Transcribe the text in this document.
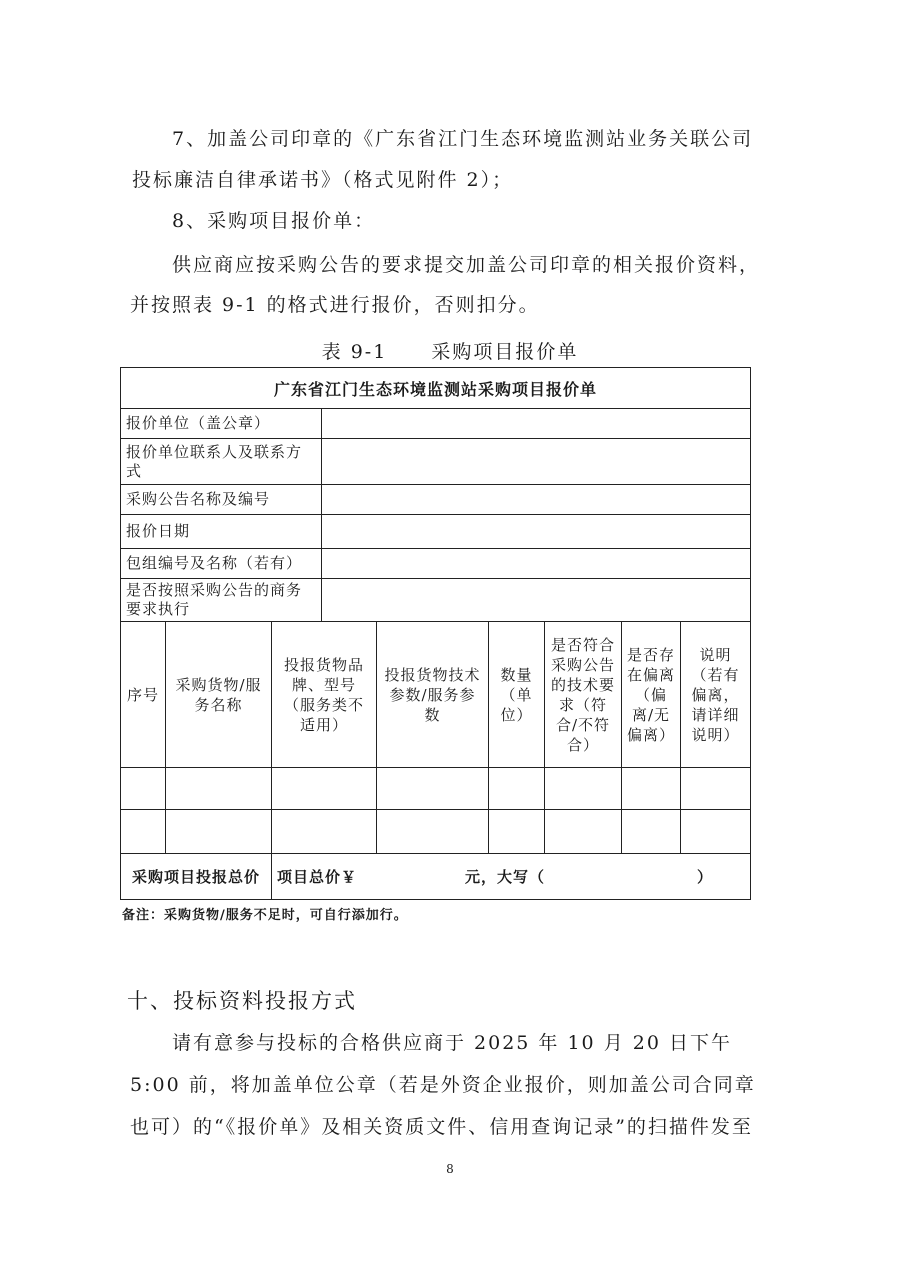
7、加盖公司印章的《广东省江门生态环境监测站业务关联公司

投标廉洁自律承诺书》（格式见附件 2）；

8、采购项目报价单：

供应商应按采购公告的要求提交加盖公司印章的相关报价资料，并按照表 9-1 的格式进行报价，否则扣分。

表 9-1 采购项目报价单
广东省江门生态环境监测站采购项目报价单								
报价单位（盖公章）								
报价单位联系人及联系方式								
采购公告名称及编号								
报价日期								
包组编号及名称（若有）								
是否按照采购公告的商务要求执行								
序号	采购货物/服务名称	投报货物品牌、型号（服务类不适用）		投报货物技术参数/服务参数	数量（单位）	是否符合采购公告的技术要求（符合/不符合）	是否存在偏离（偏离/无偏离）	说明（若有偏离，请详细说明）

采购项目投报总价		项目总价￥ 元，大写（ ）						
备注：采购货物/服务不足时，可自行添加行。
十、投标资料投报方式

请有意参与投标的合格供应商于 2025 年 10 月 20 日下午 5:00 前，将加盖单位公章（若是外资企业报价，则加盖公司合同章也可）的“《报价单》及相关资质文件、信用查询记录”的扫描件发至

8
